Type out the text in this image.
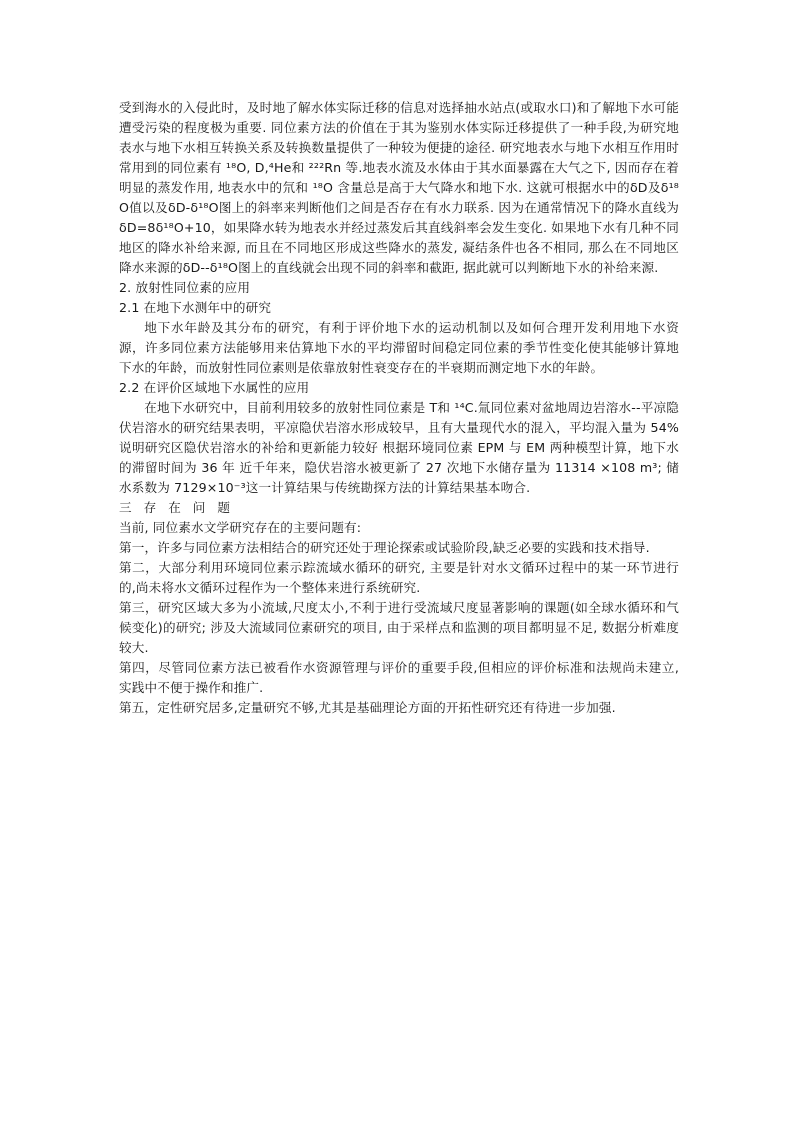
受到海水的入侵此时，及时地了解水体实际迁移的信息对选择抽水站点(或取水口)和了解地下水可能遭受污染的程度极为重要. 同位素方法的价值在于其为鉴别水体实际迁移提供了一种手段,为研究地表水与地下水相互转换关系及转换数量提供了一种较为便捷的途径. 研究地表水与地下水相互作用时常用到的同位素有 ¹⁸O, D,⁴He和 ²²²Rn 等.地表水流及水体由于其水面暴露在大气之下, 因而存在着明显的蒸发作用, 地表水中的氘和 ¹⁸O 含量总是高于大气降水和地下水. 这就可根据水中的δD及δ¹⁸O值以及δD-δ¹⁸O图上的斜率来判断他们之间是否存在有水力联系. 因为在通常情况下的降水直线为δD=8δ¹⁸O+10，如果降水转为地表水并经过蒸发后其直线斜率会发生变化. 如果地下水有几种不同地区的降水补给来源, 而且在不同地区形成这些降水的蒸发, 凝结条件也各不相同, 那么在不同地区降水来源的δD--δ¹⁸O图上的直线就会出现不同的斜率和截距, 据此就可以判断地下水的补给来源.

2. 放射性同位素的应用

2.1 在地下水测年中的研究

地下水年龄及其分布的研究，有利于评价地下水的运动机制以及如何合理开发利用地下水资源，许多同位素方法能够用来估算地下水的平均滞留时间稳定同位素的季节性变化使其能够计算地下水的年龄，而放射性同位素则是依靠放射性衰变存在的半衰期而测定地下水的年龄。

2.2 在评价区域地下水属性的应用

在地下水研究中，目前利用较多的放射性同位素是 T和 ¹⁴C.氚同位素对盆地周边岩溶水--平凉隐伏岩溶水的研究结果表明，平凉隐伏岩溶水形成较早，且有大量现代水的混入，平均混入量为 54% 说明研究区隐伏岩溶水的补给和更新能力较好 根据环境同位素 EPM 与 EM 两种模型计算，地下水的滞留时间为 36 年 近千年来，隐伏岩溶水被更新了 27 次地下水储存量为 11314 ×108 m³; 储水系数为 7129×10⁻³这一计算结果与传统勘探方法的计算结果基本吻合.

三 存 在 问 题

当前, 同位素水文学研究存在的主要问题有:

第一，许多与同位素方法相结合的研究还处于理论探索或试验阶段,缺乏必要的实践和技术指导.

第二，大部分利用环境同位素示踪流域水循环的研究, 主要是针对水文循环过程中的某一环节进行的,尚未将水文循环过程作为一个整体来进行系统研究.

第三，研究区域大多为小流域,尺度太小,不利于进行受流域尺度显著影响的课题(如全球水循环和气候变化)的研究; 涉及大流域同位素研究的项目, 由于采样点和监测的项目都明显不足, 数据分析难度较大.

第四，尽管同位素方法已被看作水资源管理与评价的重要手段,但相应的评价标准和法规尚未建立, 实践中不便于操作和推广.

第五，定性研究居多,定量研究不够,尤其是基础理论方面的开拓性研究还有待进一步加强.
